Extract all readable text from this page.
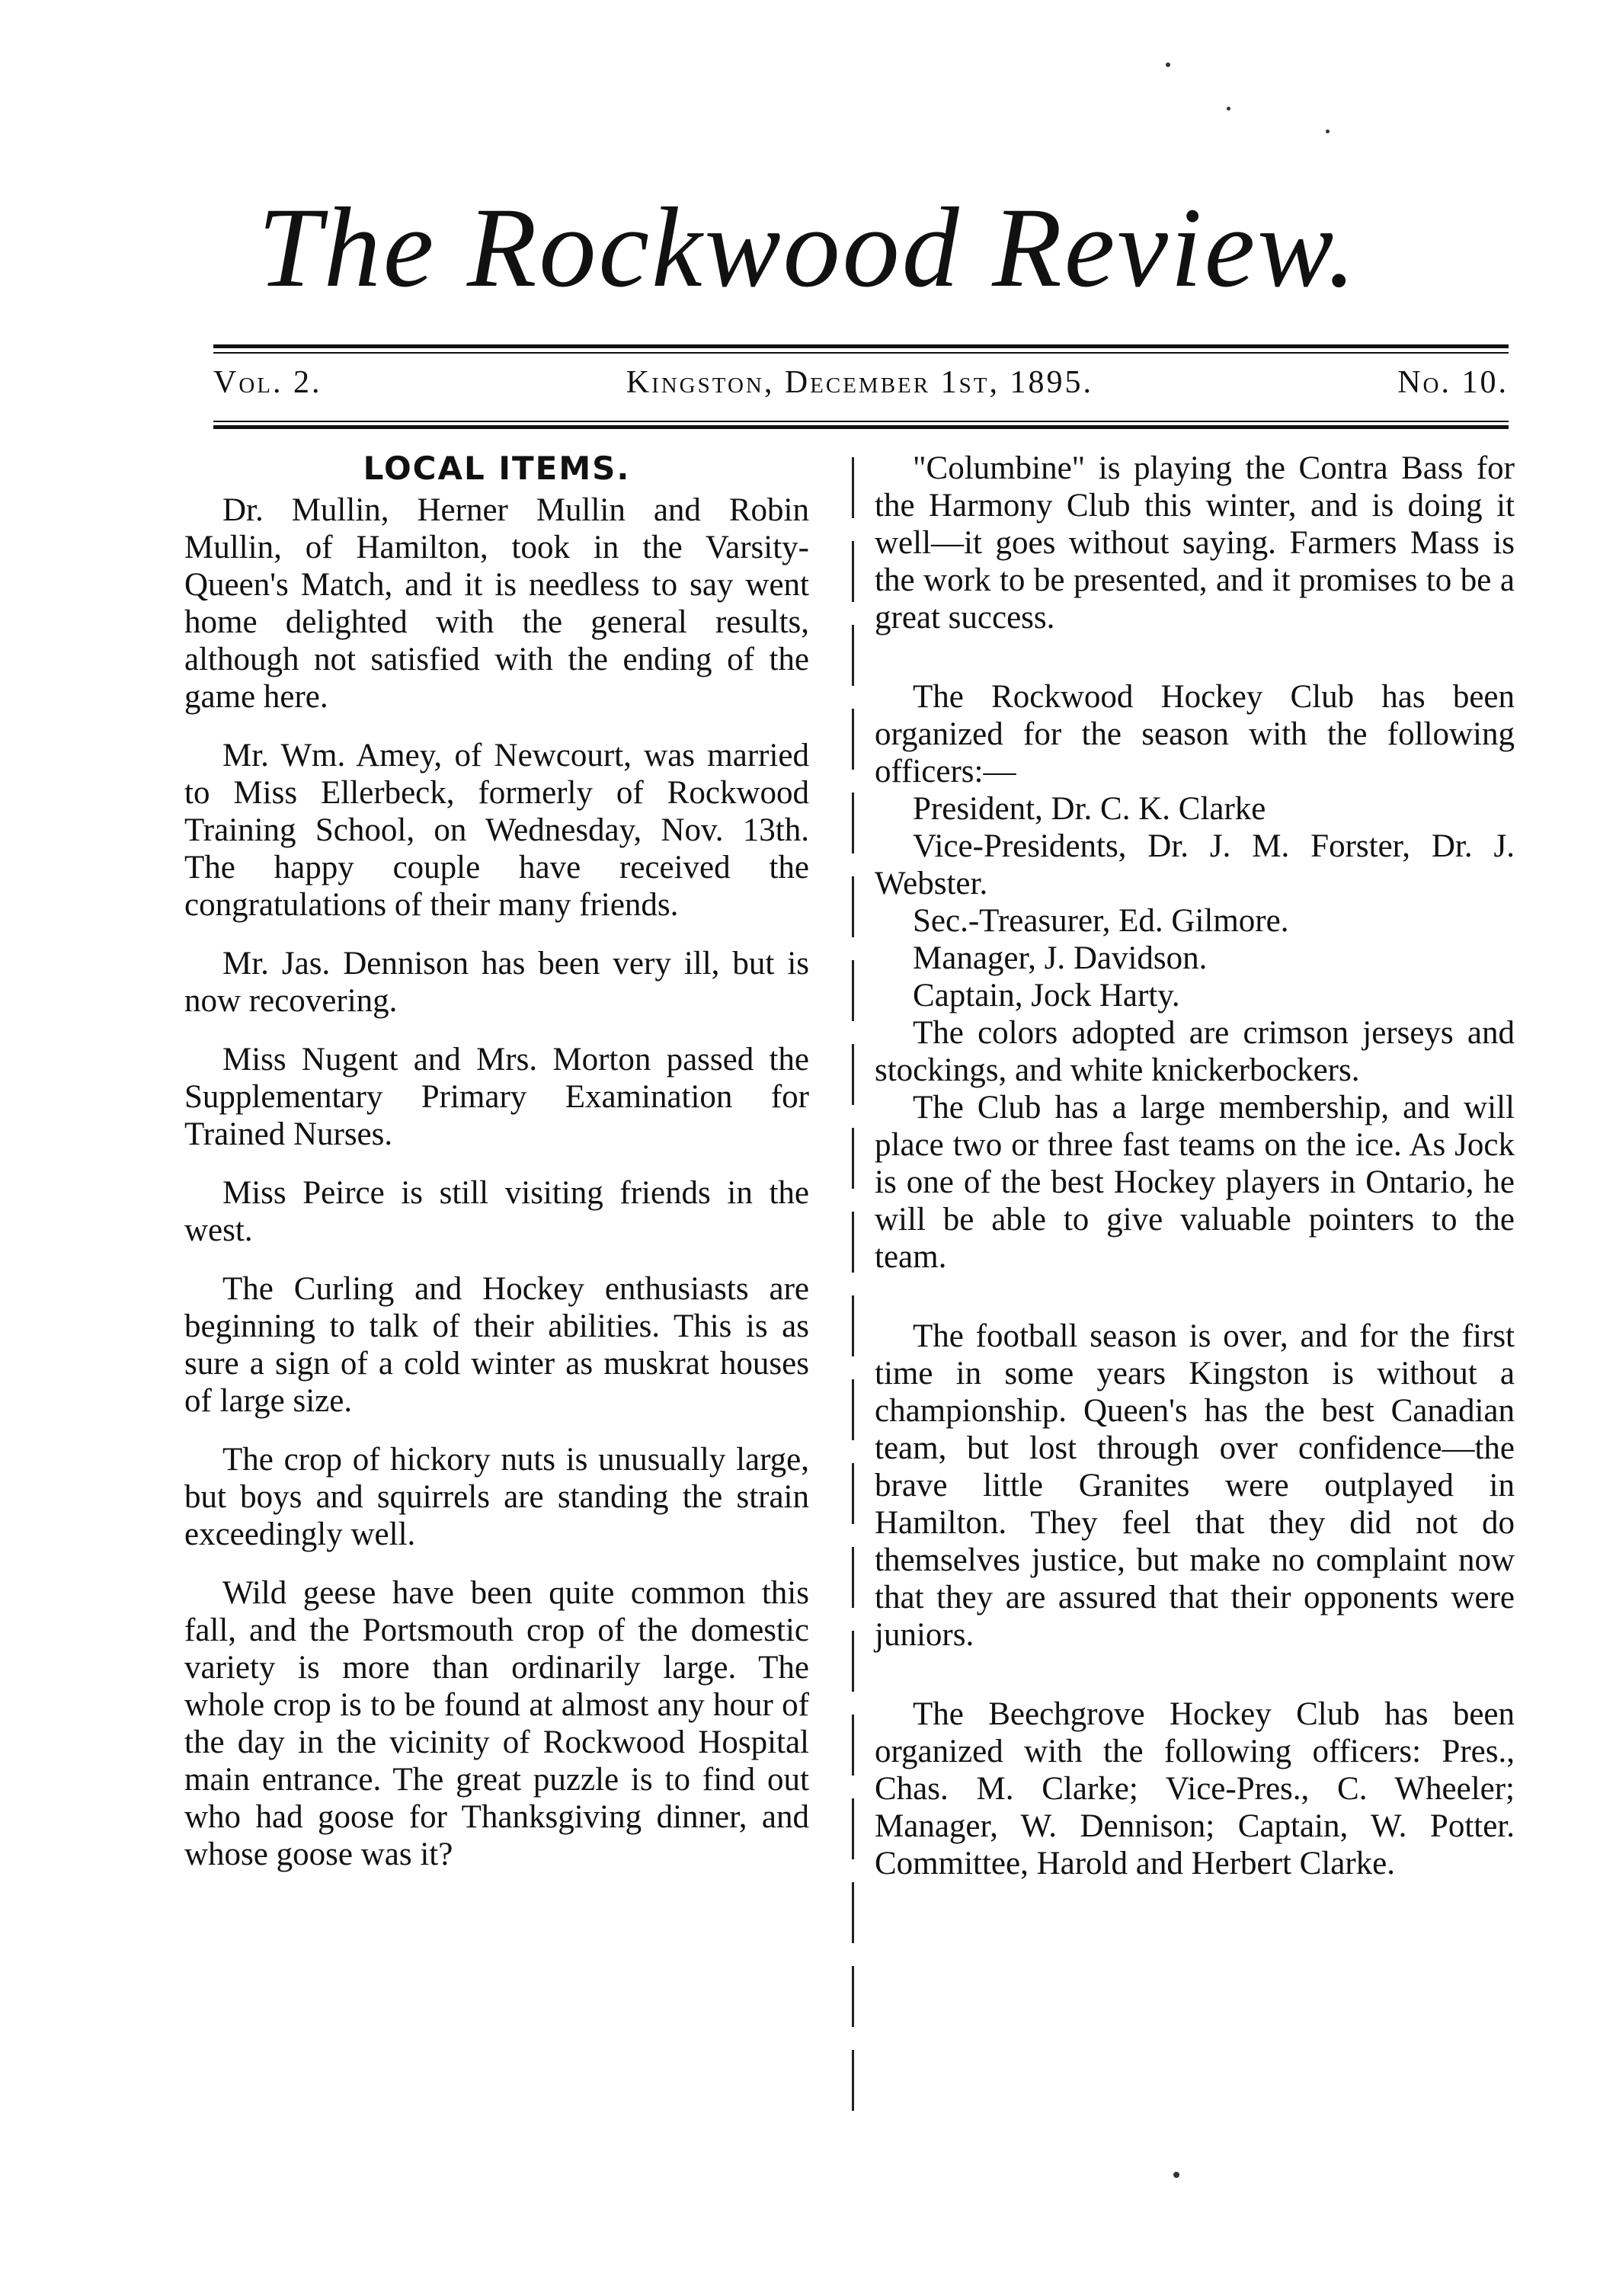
The Rockwood Review.
Vol. 2.	Kingston, December 1st, 1895.	No. 10.
LOCAL ITEMS.

Dr. Mullin, Herner Mullin and Robin Mullin, of Hamilton, took in the Varsity-Queen's Match, and it is needless to say went home delighted with the general results, although not satisfied with the ending of the game here.

Mr. Wm. Amey, of Newcourt, was married to Miss Ellerbeck, formerly of Rockwood Training School, on Wednesday, Nov. 13th. The happy couple have received the congratulations of their many friends.

Mr. Jas. Dennison has been very ill, but is now recovering.

Miss Nugent and Mrs. Morton passed the Supplementary Primary Examination for Trained Nurses.

Miss Peirce is still visiting friends in the west.

The Curling and Hockey enthusiasts are beginning to talk of their abilities. This is as sure a sign of a cold winter as muskrat houses of large size.

The crop of hickory nuts is unusually large, but boys and squirrels are standing the strain exceedingly well.

Wild geese have been quite common this fall, and the Portsmouth crop of the domestic variety is more than ordinarily large. The whole crop is to be found at almost any hour of the day in the vicinity of Rockwood Hospital main entrance. The great puzzle is to find out who had goose for Thanksgiving dinner, and whose goose was it?

"Columbine" is playing the Contra Bass for the Harmony Club this winter, and is doing it well—it goes without saying. Farmers Mass is the work to be presented, and it promises to be a great success.

The Rockwood Hockey Club has been organized for the season with the following officers:—

President, Dr. C. K. Clarke

Vice-Presidents, Dr. J. M. Forster, Dr. J. Webster.

Sec.-Treasurer, Ed. Gilmore.

Manager, J. Davidson.

Captain, Jock Harty.

The colors adopted are crimson jerseys and stockings, and white knickerbockers.

The Club has a large membership, and will place two or three fast teams on the ice. As Jock is one of the best Hockey players in Ontario, he will be able to give valuable pointers to the team.

The football season is over, and for the first time in some years Kingston is without a championship. Queen's has the best Canadian team, but lost through over confidence—the brave little Granites were outplayed in Hamilton. They feel that they did not do themselves justice, but make no complaint now that they are assured that their opponents were juniors.

The Beechgrove Hockey Club has been organized with the following officers: Pres., Chas. M. Clarke; Vice-Pres., C. Wheeler; Manager, W. Dennison; Captain, W. Potter. Committee, Harold and Herbert Clarke.
